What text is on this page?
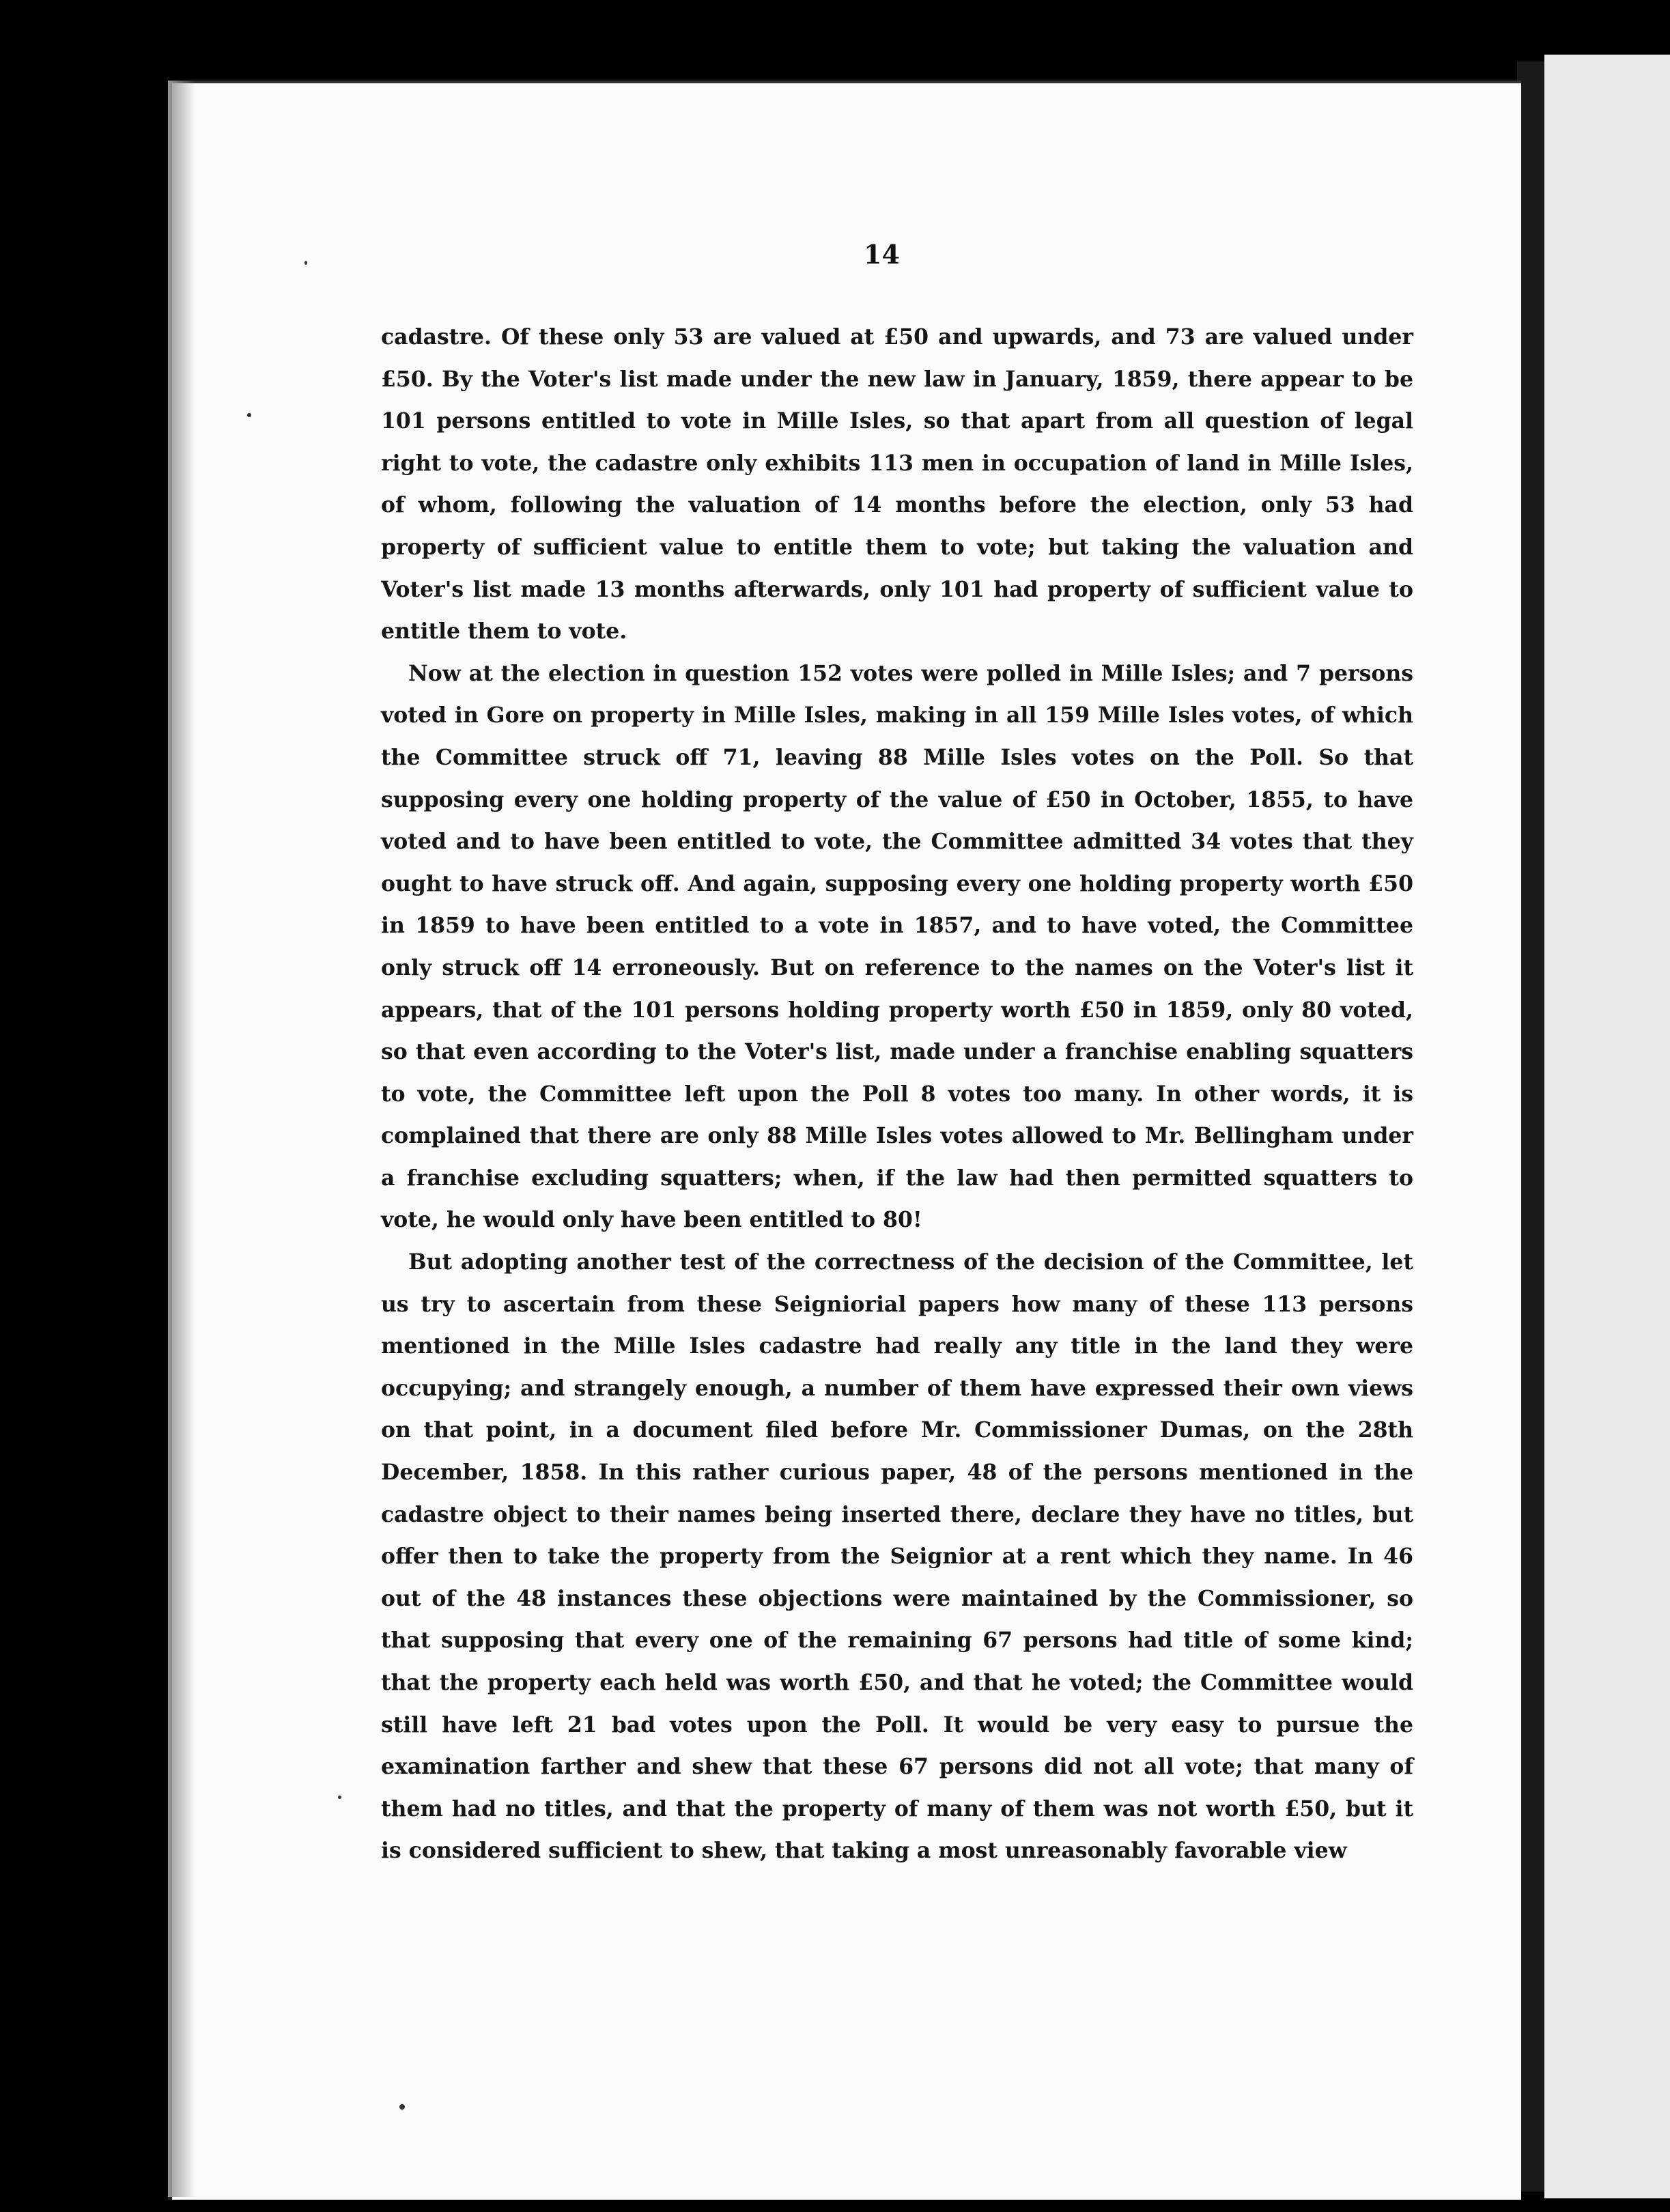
14

cadastre. Of these only 53 are valued at £50 and upwards, and 73 are valued under £50. By the Voter's list made under the new law in January, 1859, there appear to be 101 persons entitled to vote in Mille Isles, so that apart from all question of legal right to vote, the cadastre only exhibits 113 men in occupation of land in Mille Isles, of whom, following the valuation of 14 months before the election, only 53 had property of sufficient value to entitle them to vote; but taking the valuation and Voter's list made 13 months afterwards, only 101 had property of sufficient value to entitle them to vote.

Now at the election in question 152 votes were polled in Mille Isles; and 7 persons voted in Gore on property in Mille Isles, making in all 159 Mille Isles votes, of which the Committee struck off 71, leaving 88 Mille Isles votes on the Poll. So that supposing every one holding property of the value of £50 in October, 1855, to have voted and to have been entitled to vote, the Committee admitted 34 votes that they ought to have struck off. And again, supposing every one holding property worth £50 in 1859 to have been entitled to a vote in 1857, and to have voted, the Committee only struck off 14 erroneously. But on reference to the names on the Voter's list it appears, that of the 101 persons holding property worth £50 in 1859, only 80 voted, so that even according to the Voter's list, made under a franchise enabling squatters to vote, the Committee left upon the Poll 8 votes too many. In other words, it is complained that there are only 88 Mille Isles votes allowed to Mr. Bellingham under a franchise excluding squatters; when, if the law had then permitted squatters to vote, he would only have been entitled to 80!

But adopting another test of the correctness of the decision of the Committee, let us try to ascertain from these Seigniorial papers how many of these 113 persons mentioned in the Mille Isles cadastre had really any title in the land they were occupying; and strangely enough, a number of them have expressed their own views on that point, in a document filed before Mr. Commissioner Dumas, on the 28th December, 1858. In this rather curious paper, 48 of the persons mentioned in the cadastre object to their names being inserted there, declare they have no titles, but offer then to take the property from the Seignior at a rent which they name. In 46 out of the 48 instances these objections were maintained by the Commissioner, so that supposing that every one of the remaining 67 persons had title of some kind; that the property each held was worth £50, and that he voted; the Committee would still have left 21 bad votes upon the Poll. It would be very easy to pursue the examination farther and shew that these 67 persons did not all vote; that many of them had no titles, and that the property of many of them was not worth £50, but it is considered sufficient to shew, that taking a most unreasonably favorable view
